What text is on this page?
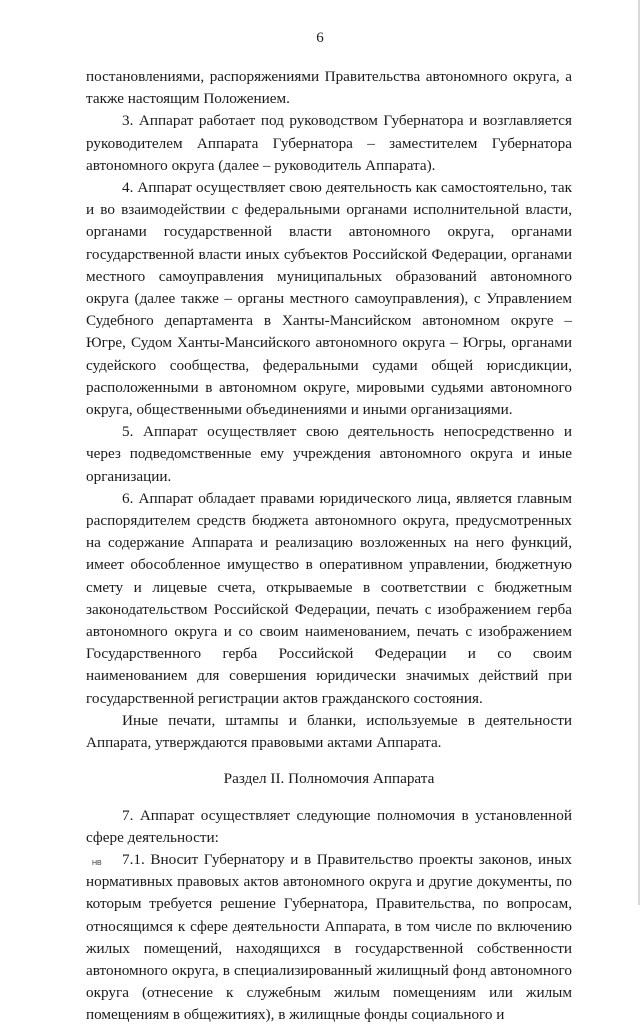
6

постановлениями, распоряжениями Правительства автономного округа, а также настоящим Положением.

3. Аппарат работает под руководством Губернатора и возглавляется руководителем Аппарата Губернатора – заместителем Губернатора автономного округа (далее – руководитель Аппарата).

4. Аппарат осуществляет свою деятельность как самостоятельно, так и во взаимодействии с федеральными органами исполнительной власти, органами государственной власти автономного округа, органами государственной власти иных субъектов Российской Федерации, органами местного самоуправления муниципальных образований автономного округа (далее также – органы местного самоуправления), с Управлением Судебного департамента в Ханты-Мансийском автономном округе – Югре, Судом Ханты-Мансийского автономного округа – Югры, органами судейского сообщества, федеральными судами общей юрисдикции, расположенными в автономном округе, мировыми судьями автономного округа, общественными объединениями и иными организациями.

5. Аппарат осуществляет свою деятельность непосредственно и через подведомственные ему учреждения автономного округа и иные организации.

6. Аппарат обладает правами юридического лица, является главным распорядителем средств бюджета автономного округа, предусмотренных на содержание Аппарата и реализацию возложенных на него функций, имеет обособленное имущество в оперативном управлении, бюджетную смету и лицевые счета, открываемые в соответствии с бюджетным законодательством Российской Федерации, печать с изображением герба автономного округа и со своим наименованием, печать с изображением Государственного герба Российской Федерации и со своим наименованием для совершения юридически значимых действий при государственной регистрации актов гражданского состояния.

Иные печати, штампы и бланки, используемые в деятельности Аппарата, утверждаются правовыми актами Аппарата.

Раздел II. Полномочия Аппарата

7. Аппарат осуществляет следующие полномочия в установленной сфере деятельности:

7.1. Вносит Губернатору и в Правительство проекты законов, иных нормативных правовых актов автономного округа и другие документы, по которым требуется решение Губернатора, Правительства, по вопросам, относящимся к сфере деятельности Аппарата, в том числе по включению жилых помещений, находящихся в государственной собственности автономного округа, в специализированный жилищный фонд автономного округа (отнесение к служебным жилым помещениям или жилым помещениям в общежитиях), в жилищные фонды социального и

НВ
